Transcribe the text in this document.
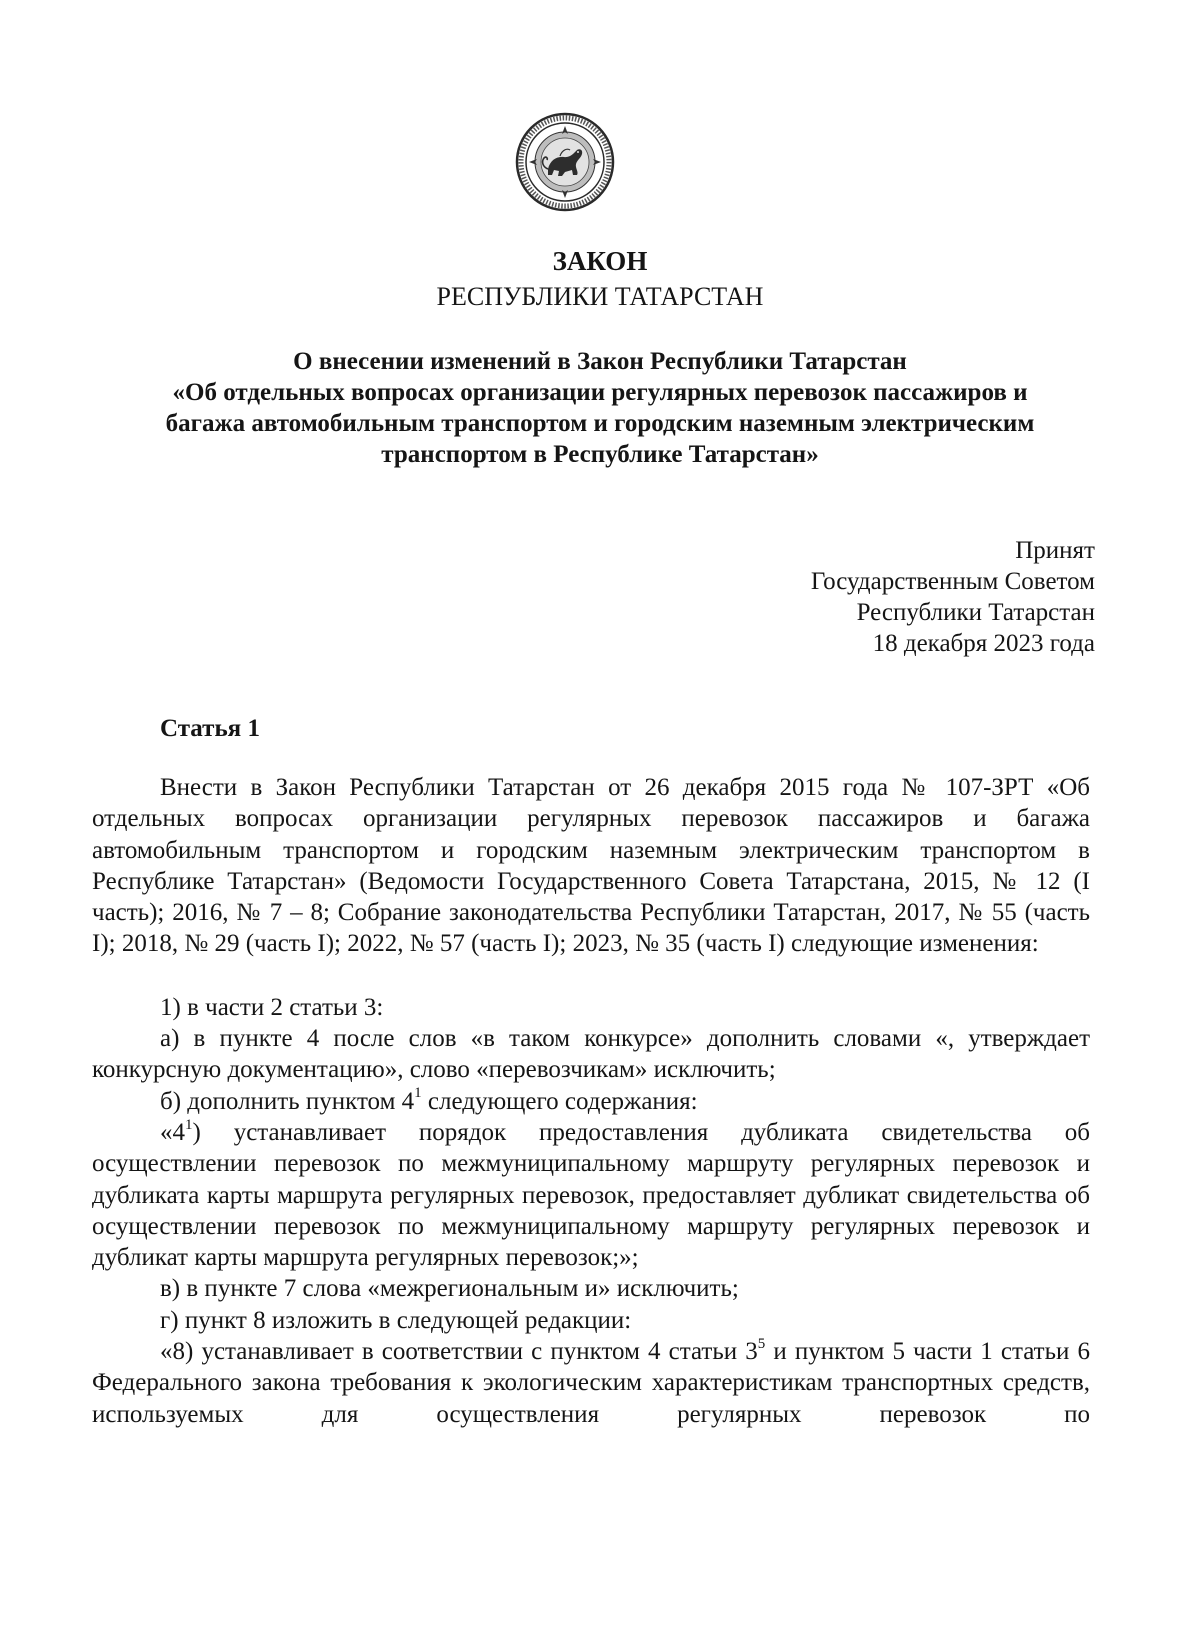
ЗАКОН
РЕСПУБЛИКИ ТАТАРСТАН
О внесении изменений в Закон Республики Татарстан
«Об отдельных вопросах организации регулярных перевозок пассажиров и
багажа автомобильным транспортом и городским наземным электрическим
транспортом в Республике Татарстан»
Принят
Государственным Советом
Республики Татарстан
18 декабря 2023 года
Статья 1

Внести в Закон Республики Татарстан от 26 декабря 2015 года № 107-ЗРТ «Об отдельных вопросах организации регулярных перевозок пассажиров и багажа автомобильным транспортом и городским наземным электрическим транспортом в Республике Татарстан» (Ведомости Государственного Совета Татарстана, 2015, № 12 (I часть); 2016, № 7 – 8; Собрание законодательства Республики Татарстан, 2017, № 55 (часть I); 2018, № 29 (часть I); 2022, № 57 (часть I); 2023, № 35 (часть I) следующие изменения:

1) в части 2 статьи 3:

а) в пункте 4 после слов «в таком конкурсе» дополнить словами «, утверждает конкурсную документацию», слово «перевозчикам» исключить;

б) дополнить пунктом $4^1$ следующего содержания:

«$4^1$) устанавливает порядок предоставления дубликата свидетельства об осуществлении перевозок по межмуниципальному маршруту регулярных перевозок и дубликата карты маршрута регулярных перевозок, предоставляет дубликат свидетельства об осуществлении перевозок по межмуниципальному маршруту регулярных перевозок и дубликат карты маршрута регулярных перевозок;»;

в) в пункте 7 слова «межрегиональным и» исключить;

г) пункт 8 изложить в следующей редакции:

«8) устанавливает в соответствии с пунктом 4 статьи $3^5$ и пунктом 5 части 1 статьи 6 Федерального закона требования к экологическим характеристикам транспортных средств, используемых для осуществления регулярных перевозок по
